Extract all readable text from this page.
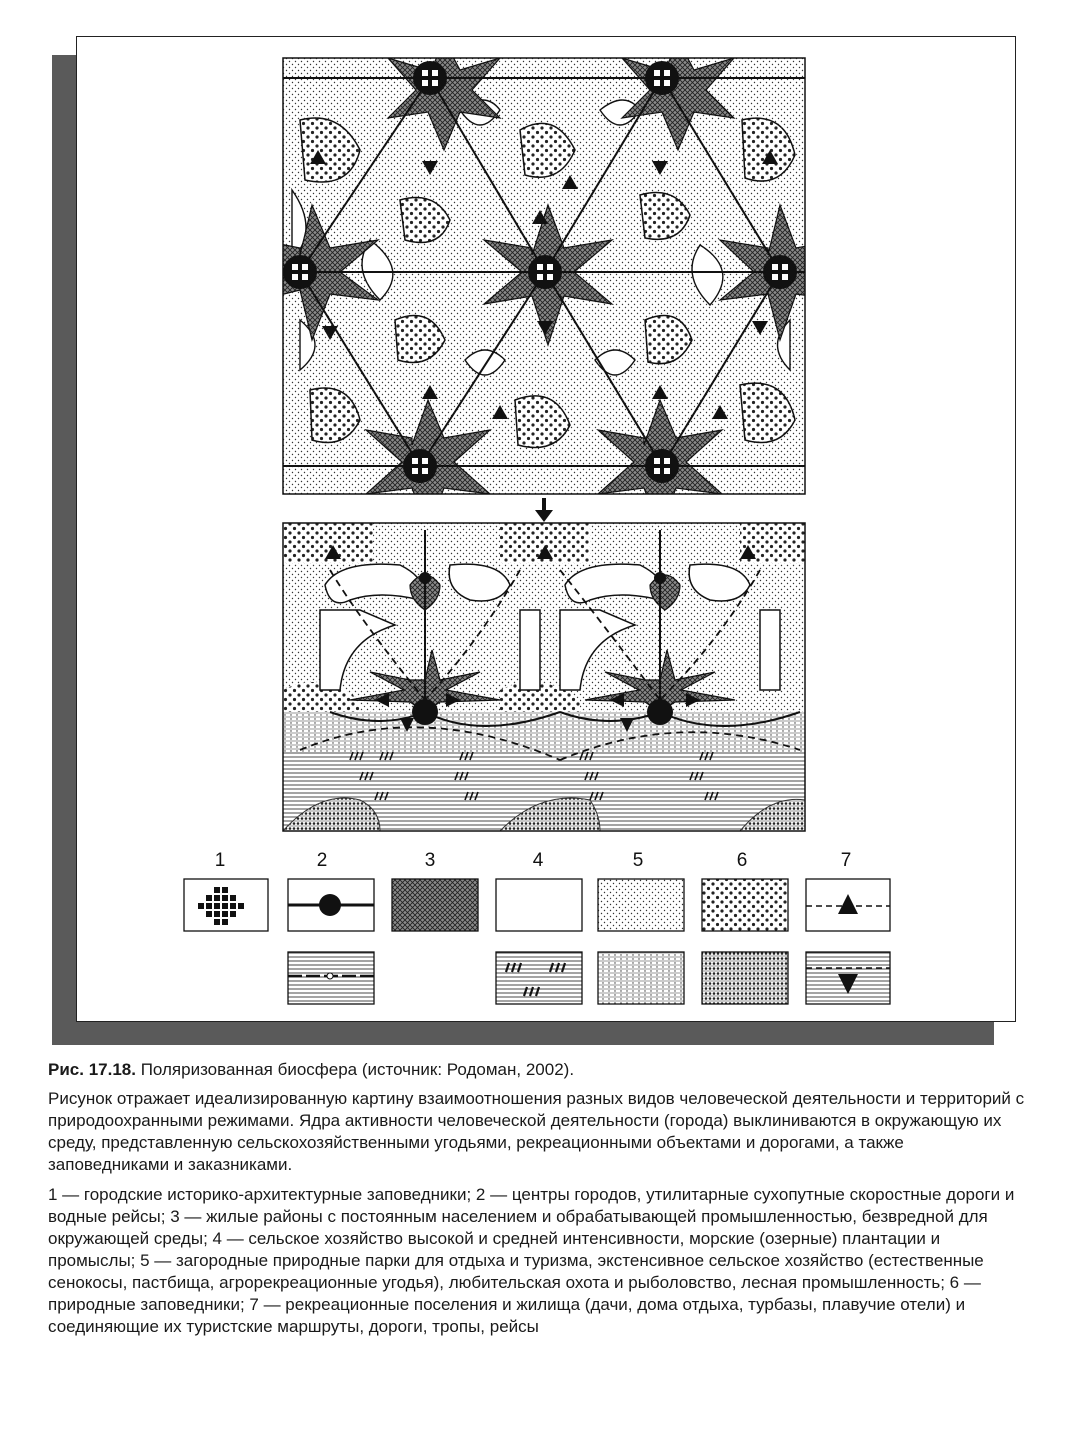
1	2	3	4	5	6	7

Рис. 17.18. Поляризованная биосфера (источник: Родоман, 2002).

Рисунок отражает идеализированную картину взаимоотношения разных видов человеческой деятельности и территорий с природоохранными режимами. Ядра активности человеческой деятельности (города) выклиниваются в окружающую их среду, представленную сельскохозяйственными угодьями, рекреационными объектами и дорогами, а также заповедниками и заказниками.

1 — городские историко-архитектурные заповедники; 2 — центры городов, утилитарные сухопутные скоростные дороги и водные рейсы; 3 — жилые районы с постоянным населением и обрабатывающей промышленностью, безвредной для окружающей среды; 4 — сельское хозяйство высокой и средней интенсивности, морские (озерные) плантации и промыслы; 5 — загородные природные парки для отдыха и туризма, экстенсивное сельское хозяйство (естественные сенокосы, пастбища, агрорекреационные угодья), любительская охота и рыболовство, лесная промышленность; 6 — природные заповедники; 7 — рекреационные поселения и жилища (дачи, дома отдыха, турбазы, плавучие отели) и соединяющие их туристские маршруты, дороги, тропы, рейсы
